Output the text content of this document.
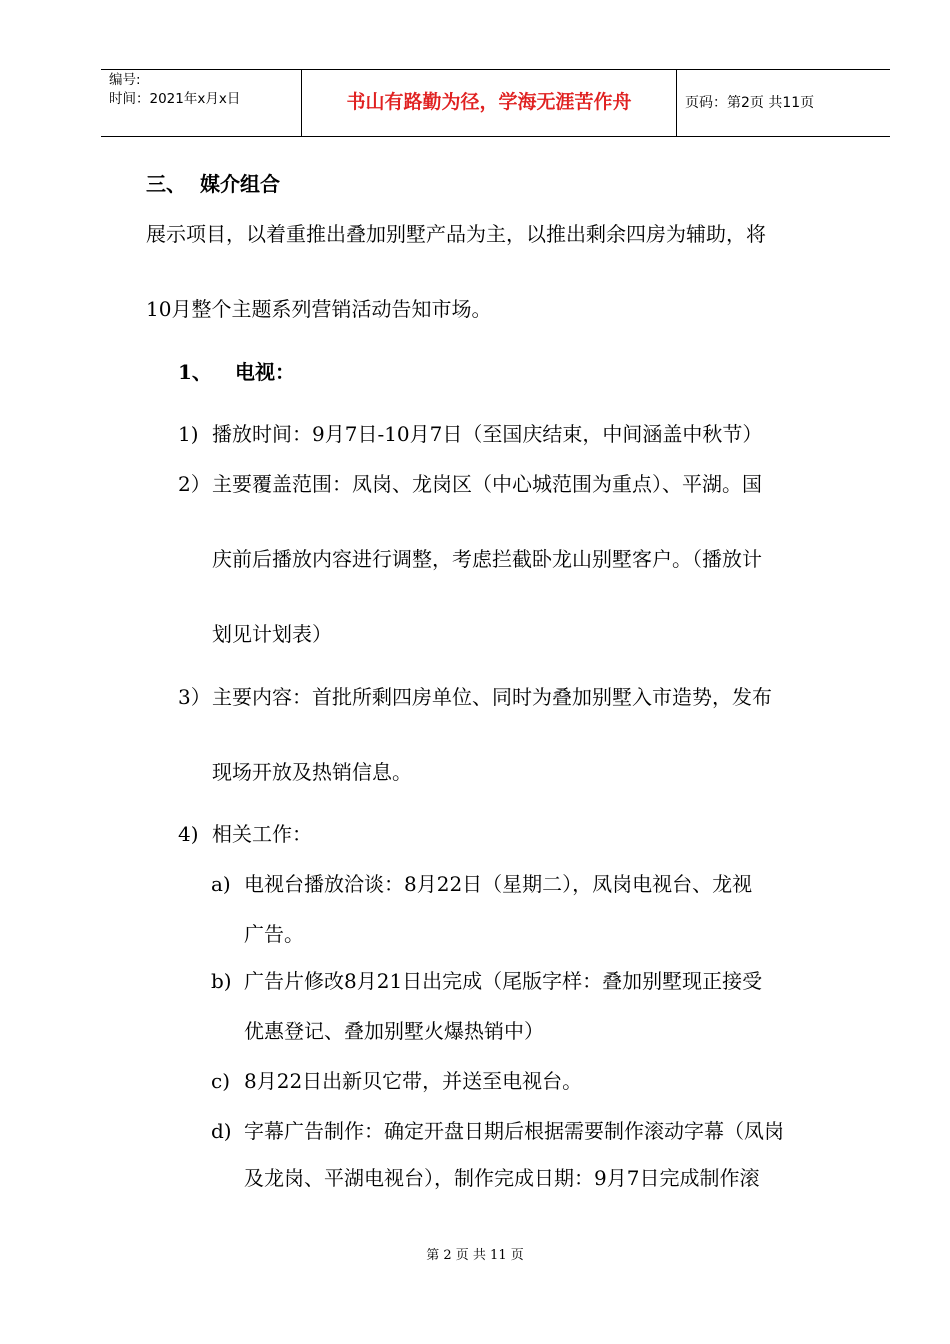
编号:
时间：2021年x月x日	书山有路勤为径，学海无涯苦作舟	页码：第2页 共11页
三、 媒介组合
展示项目，以着重推出叠加别墅产品为主，以推出剩余四房为辅助，将
10月整个主题系列营销活动告知市场。
1、 电视：
1) 播放时间：9月7日-10月7日（至国庆结束，中间涵盖中秋节）
2） 主要覆盖范围：凤岗、龙岗区（中心城范围为重点）、平湖。国
庆前后播放内容进行调整，考虑拦截卧龙山别墅客户。（播放计
划见计划表）
3） 主要内容：首批所剩四房单位、同时为叠加别墅入市造势，发布
现场开放及热销信息。
4) 相关工作：
a) 电视台播放洽谈：8月22日（星期二），凤岗电视台、龙视
广告。
b) 广告片修改8月21日出完成（尾版字样：叠加别墅现正接受
优惠登记、叠加别墅火爆热销中）
c) 8月22日出新贝它带，并送至电视台。
d) 字幕广告制作：确定开盘日期后根据需要制作滚动字幕（凤岗
及龙岗、平湖电视台），制作完成日期：9月7日完成制作滚
第 2 页 共 11 页
